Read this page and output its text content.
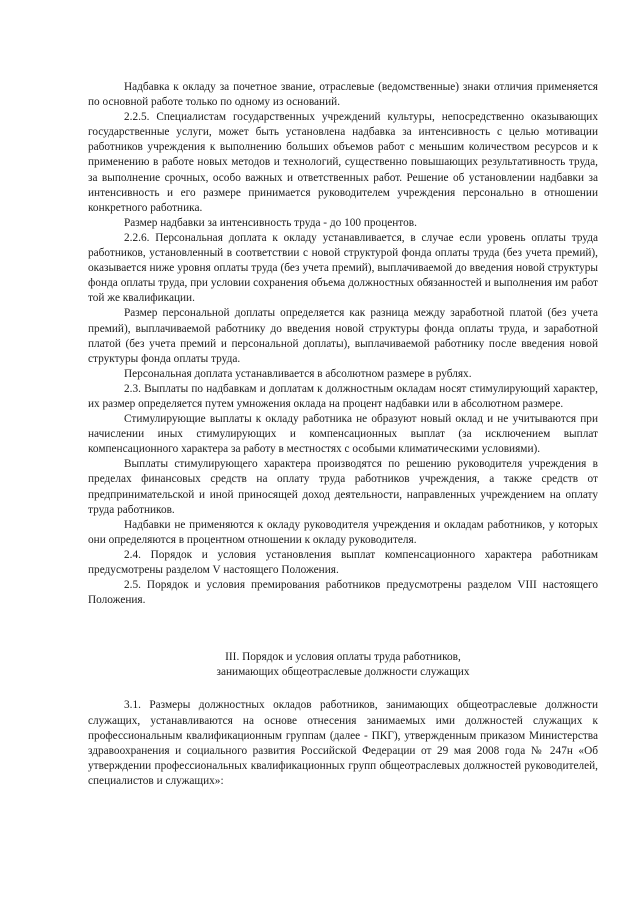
Надбавка к окладу за почетное звание, отраслевые (ведомственные) знаки отличия применяется по основной работе только по одному из оснований.

2.2.5. Специалистам государственных учреждений культуры, непосредственно оказывающих государственные услуги, может быть установлена надбавка за интенсивность с целью мотивации работников учреждения к выполнению больших объемов работ с меньшим количеством ресурсов и к применению в работе новых методов и технологий, существенно повышающих результативность труда, за выполнение срочных, особо важных и ответственных работ. Решение об установлении надбавки за интенсивность и его размере принимается руководителем учреждения персонально в отношении конкретного работника.

Размер надбавки за интенсивность труда - до 100 процентов.

2.2.6. Персональная доплата к окладу устанавливается, в случае если уровень оплаты труда работников, установленный в соответствии с новой структурой фонда оплаты труда (без учета премий), оказывается ниже уровня оплаты труда (без учета премий), выплачиваемой до введения новой структуры фонда оплаты труда, при условии сохранения объема должностных обязанностей и выполнения им работ той же квалификации.

Размер персональной доплаты определяется как разница между заработной платой (без учета премий), выплачиваемой работнику до введения новой структуры фонда оплаты труда, и заработной платой (без учета премий и персональной доплаты), выплачиваемой работнику после введения новой структуры фонда оплаты труда.

Персональная доплата устанавливается в абсолютном размере в рублях.

2.3. Выплаты по надбавкам и доплатам к должностным окладам носят стимулирующий характер, их размер определяется путем умножения оклада на процент надбавки или в абсолютном размере.

Стимулирующие выплаты к окладу работника не образуют новый оклад и не учитываются при начислении иных стимулирующих и компенсационных выплат (за исключением выплат компенсационного характера за работу в местностях с особыми климатическими условиями).

Выплаты стимулирующего характера производятся по решению руководителя учреждения в пределах финансовых средств на оплату труда работников учреждения, а также средств от предпринимательской и иной приносящей доход деятельности, направленных учреждением на оплату труда работников.

Надбавки не применяются к окладу руководителя учреждения и окладам работников, у которых они определяются в процентном отношении к окладу руководителя.

2.4. Порядок и условия установления выплат компенсационного характера работникам предусмотрены разделом V настоящего Положения.

2.5. Порядок и условия премирования работников предусмотрены разделом VIII настоящего Положения.

III. Порядок и условия оплаты труда работников,
занимающих общеотраслевые должности служащих

3.1. Размеры должностных окладов работников, занимающих общеотраслевые должности служащих, устанавливаются на основе отнесения занимаемых ими должностей служащих к профессиональным квалификационным группам (далее - ПКГ), утвержденным приказом Министерства здравоохранения и социального развития Российской Федерации от 29 мая 2008 года № 247н «Об утверждении профессиональных квалификационных групп общеотраслевых должностей руководителей, специалистов и служащих»:
